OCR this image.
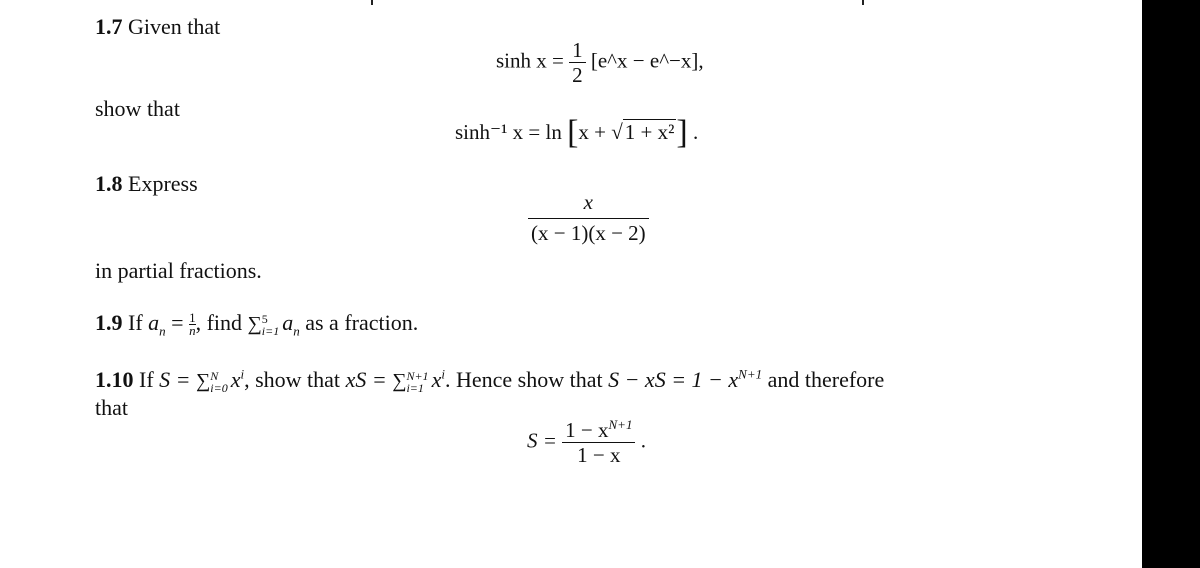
1.7 Given that
$\sinh x = \frac{1}{2}$ [e^x − e^−x],
show that
sinh⁻¹ x = ln [x + √1 + x²] .
1.8 Express
$\frac{x}{(x - 1)(x - 2)}$
in partial fractions.
1.9 If $a_n = \frac{1}{n}$ , find ∑ 5
i=1 $a_n$ as a fraction.
1.10 If S = ∑ N
i=0 $x^i$, show that xS = ∑ N+1
i=1 $x^i$. Hence show that S − xS = $1 - x^{N+1}$ and therefore
that
$S = \frac{1 - x^{N+1}}{1 - x}$ .
